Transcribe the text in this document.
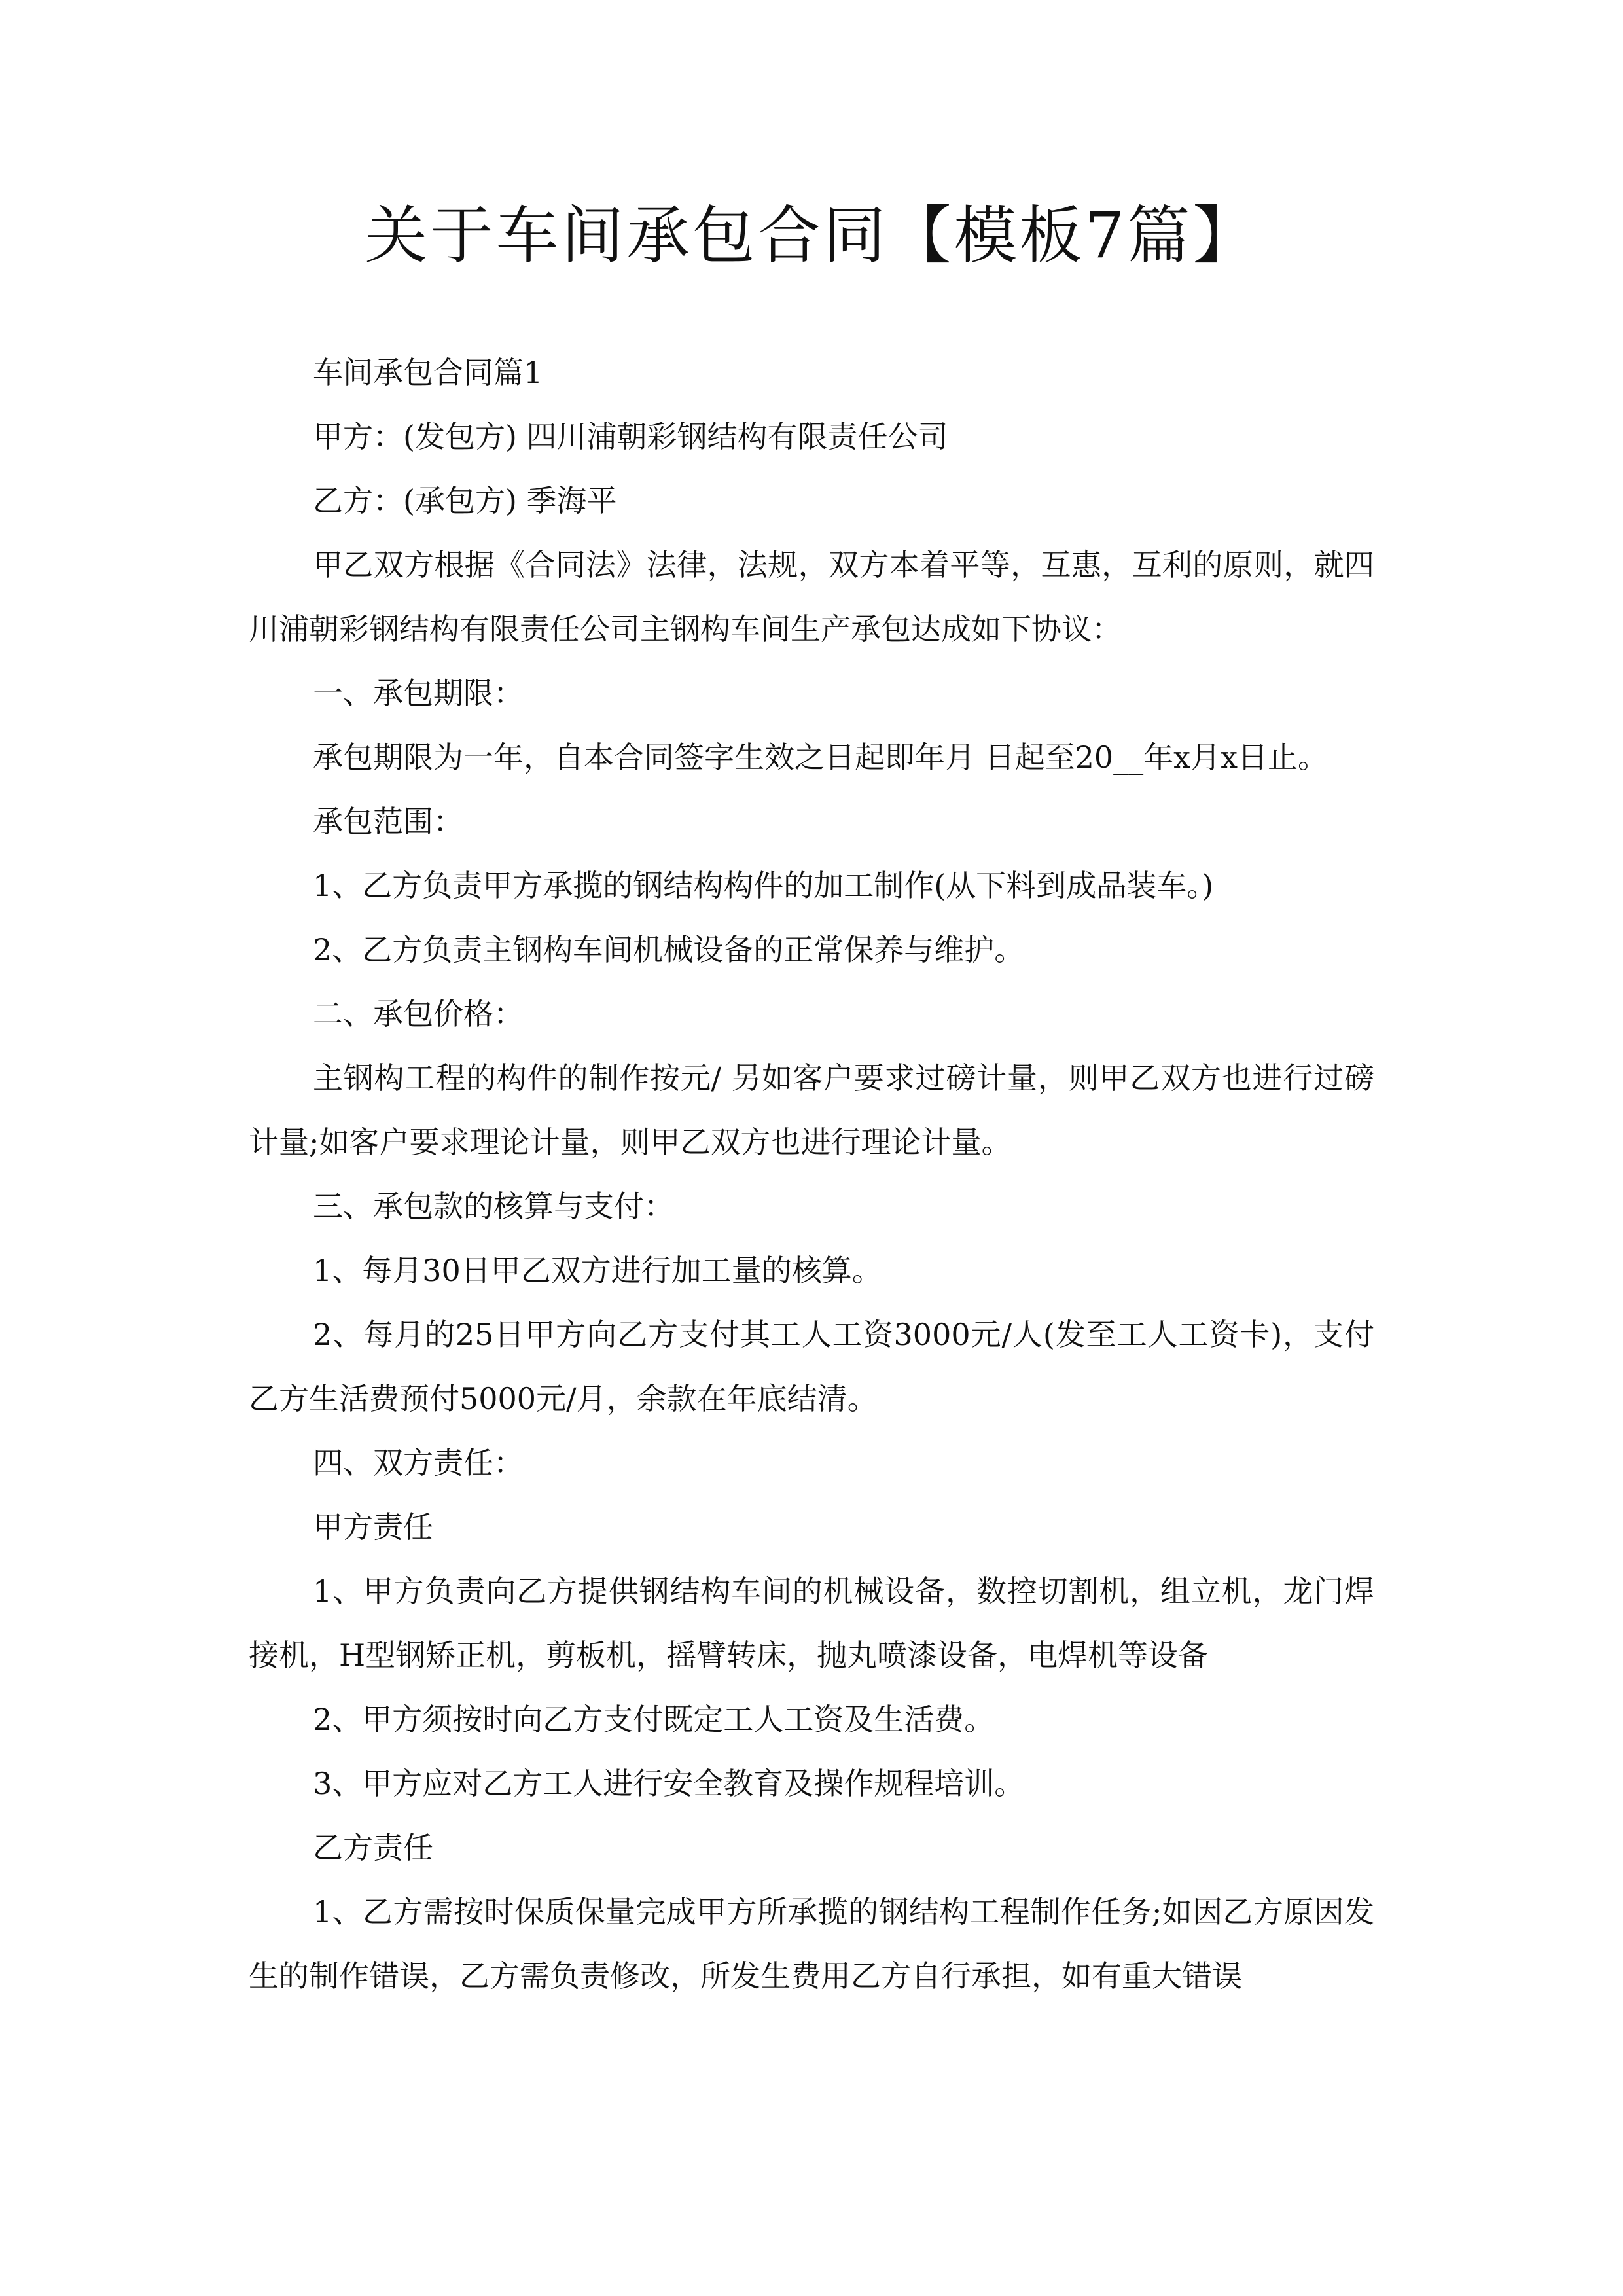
关于车间承包合同【模板7篇】

车间承包合同篇1

甲方：(发包方) 四川浦朝彩钢结构有限责任公司

乙方：(承包方) 季海平

甲乙双方根据《合同法》法律，法规，双方本着平等，互惠，互利的原则，就四川浦朝彩钢结构有限责任公司主钢构车间生产承包达成如下协议：

一、承包期限：

承包期限为一年，自本合同签字生效之日起即年月 日起至20__年x月x日止。

承包范围：

1、乙方负责甲方承揽的钢结构构件的加工制作(从下料到成品装车。)

2、乙方负责主钢构车间机械设备的正常保养与维护。

二、承包价格：

主钢构工程的构件的制作按元/ 另如客户要求过磅计量，则甲乙双方也进行过磅计量;如客户要求理论计量，则甲乙双方也进行理论计量。

三、承包款的核算与支付：

1、每月30日甲乙双方进行加工量的核算。

2、每月的25日甲方向乙方支付其工人工资3000元/人(发至工人工资卡)，支付乙方生活费预付5000元/月，余款在年底结清。

四、双方责任：

甲方责任

1、甲方负责向乙方提供钢结构车间的机械设备，数控切割机，组立机，龙门焊接机，H型钢矫正机，剪板机，摇臂转床，抛丸喷漆设备，电焊机等设备

2、甲方须按时向乙方支付既定工人工资及生活费。

3、甲方应对乙方工人进行安全教育及操作规程培训。

乙方责任

1、乙方需按时保质保量完成甲方所承揽的钢结构工程制作任务;如因乙方原因发生的制作错误，乙方需负责修改，所发生费用乙方自行承担，如有重大错误
